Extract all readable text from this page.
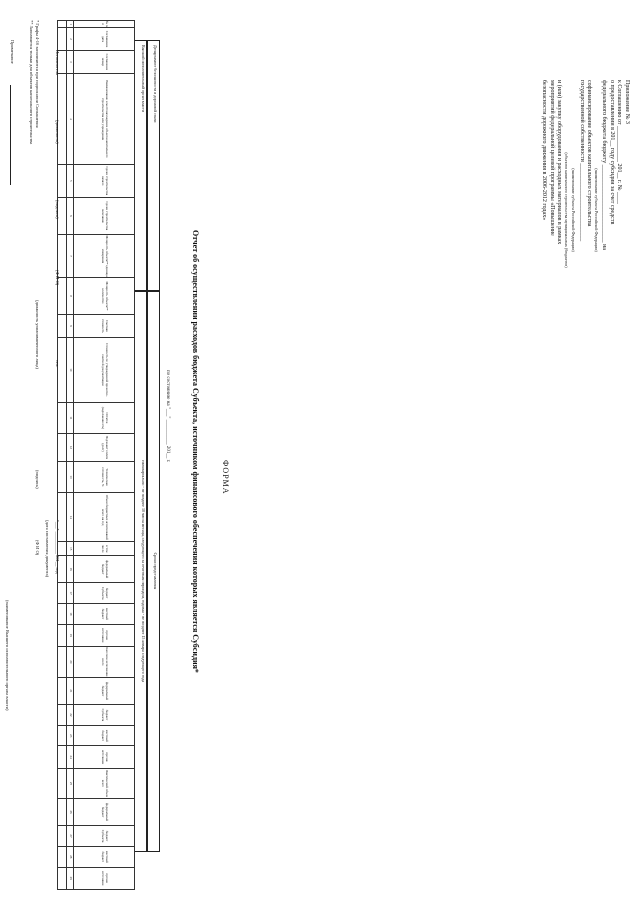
Приложение № 3
к Соглашению от ____________ 201__ г. № ____
о предоставлении в 201__ году субсидии за счет средств
федерального бюджета бюджету __________________________ на
(наименование субъекта Российской Федерации)
софинансирование объектов капитального строительства
государственной собственности __________________________
(наименование субъекта Российской Федерации)
(объектов капитального строительства муниципальных (бюджетов)
и (или) закупку оборудования и расходных материалов в рамках
мероприятий федеральной целевой программы «Повышение
безопасности дорожного движения в 2006-2012 годах»
ФОРМА
Отчет об осуществлении расходов бюджета Субъекта, источником финансового обеспечения которых является Субсидия*
по состоянию на "___" __________ 201__ г.
Департамент безопасности и дорожной связи
Высший исполнительный орган власти
Сроки представления
ежеквартально - не позднее 10 числа месяца, следующего за отчетным периодом, годовая - не позднее 15 января следующего года
№ п/п	Соглашение дата	Соглашение номер	Наименование и местонахождение объекта капитального строительства или учреждения	Сроки строительства начало	Сроки строительства окончание	Мощность объекта** единица измерения	Мощность объекта** количество	Сметная стоимость	Стоимость по утвержденной проектно-сметной документации	Остаток (задолженность)	Подлежит оплате (долг)	Техническая готовность, %	Объем бюджетных ассигнований всего на год	в том числе	федеральный бюджет	бюджет Субъекта	местный бюджет	прочие источники	Кассовое исполнение всего	федеральный бюджет	бюджет Субъекта	местный бюджет	прочие источники	Фактический объем всего	федеральный бюджет	бюджет Субъекта	местный бюджет	прочие источники
1	2	3	4	5	6	7	8	9	10	11	12	13	14	15	16	17	18	19	20	21	22	23	24	25	26	27	28	29

* Графы 4-16 заполняются при подписании Соглашения
** Заполняется только для объектов капитального строительства
Примечание
(наименование Высшего исполнительного органа власти)
(должность уполномоченного лица)
(подпись)
(Ф И О)
Исполнитель
(должность)
(подпись)
(Ф И О)
тел.
"___" __________ 201__ год
(дата составления документа)
